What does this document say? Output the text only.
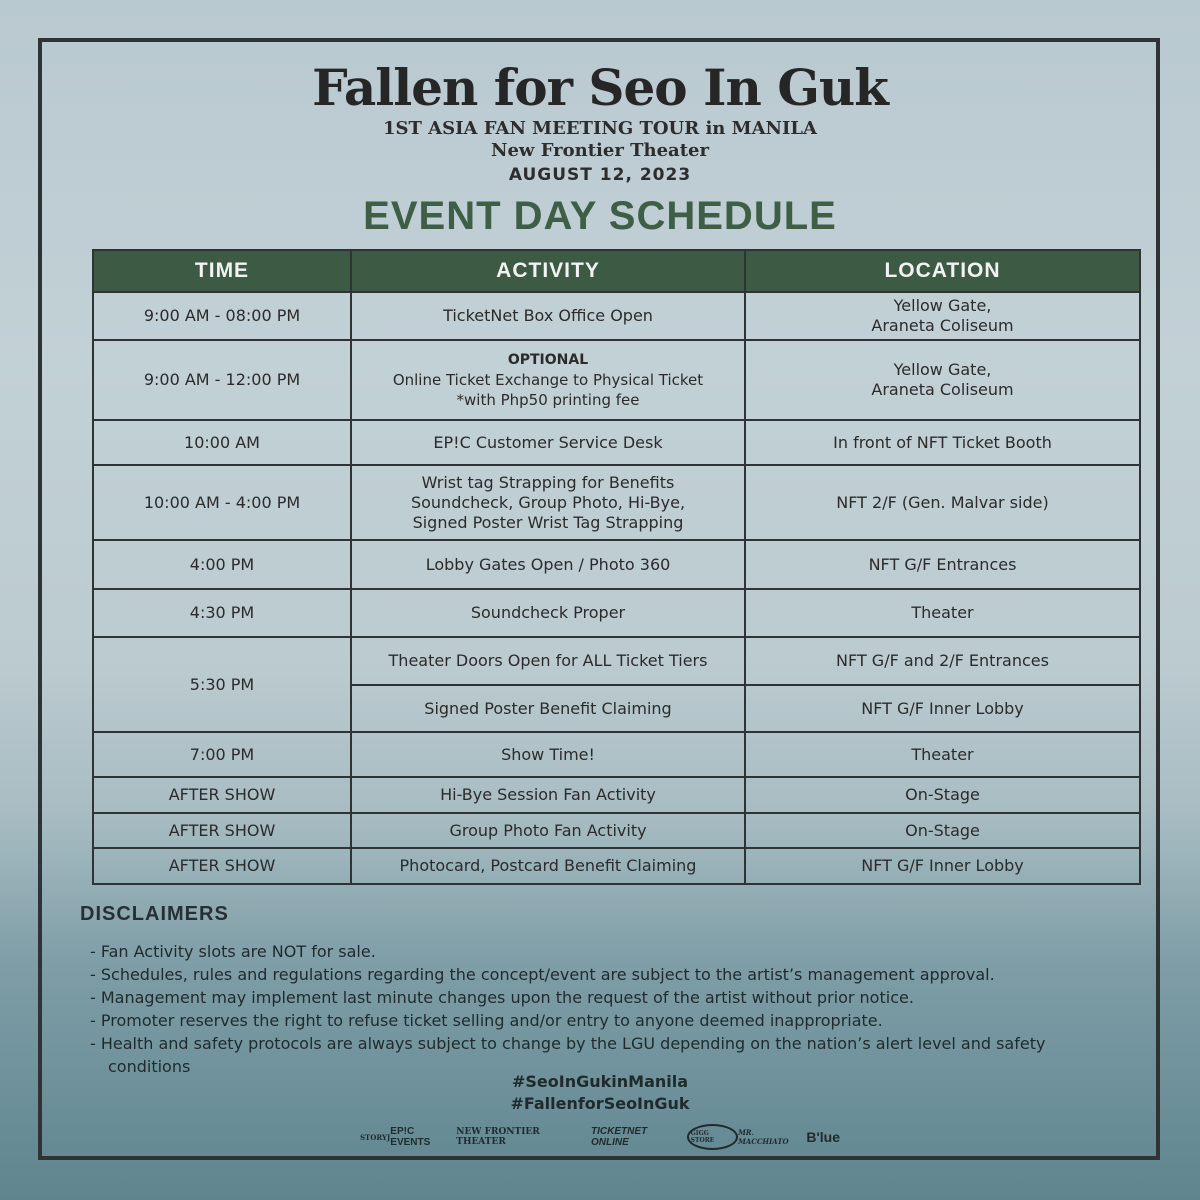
Fallen for Seo In Guk
1ST ASIA FAN MEETING TOUR in MANILA
New Frontier Theater
AUGUST 12, 2023
EVENT DAY SCHEDULE
TIME	ACTIVITY	LOCATION
9:00 AM - 08:00 PM	TicketNet Box Office Open	Yellow Gate,
Araneta Coliseum
9:00 AM - 12:00 PM	OPTIONAL
Online Ticket Exchange to Physical Ticket
*with Php50 printing fee	Yellow Gate,
Araneta Coliseum
10:00 AM	EP!C Customer Service Desk	In front of NFT Ticket Booth
10:00 AM - 4:00 PM	Wrist tag Strapping for Benefits
Soundcheck, Group Photo, Hi-Bye,
Signed Poster Wrist Tag Strapping	NFT 2/F (Gen. Malvar side)
4:00 PM	Lobby Gates Open / Photo 360	NFT G/F Entrances
4:30 PM	Soundcheck Proper	Theater
5:30 PM	Theater Doors Open for ALL Ticket Tiers	NFT G/F and 2/F Entrances
	Signed Poster Benefit Claiming	NFT G/F Inner Lobby
7:00 PM	Show Time!	Theater
AFTER SHOW	Hi-Bye Session Fan Activity	On-Stage
AFTER SHOW	Group Photo Fan Activity	On-Stage
AFTER SHOW	Photocard, Postcard Benefit Claiming	NFT G/F Inner Lobby
DISCLAIMERS
- Fan Activity slots are NOT for sale.
- Schedules, rules and regulations regarding the concept/event are subject to the artist’s management approval.
- Management may implement last minute changes upon the request of the artist without prior notice.
- Promoter reserves the right to refuse ticket selling and/or entry to anyone deemed inappropriate.
- Health and safety protocols are always subject to change by the LGU depending on the nation’s alert level and safety conditions
#SeoInGukinManila
#FallenforSeoInGuk
STORYJ EP!C EVENTS
NEW FRONTIER THEATER
TICKETNET ONLINE
GIGG STORE
MR. MACCHIATO	B'lue
